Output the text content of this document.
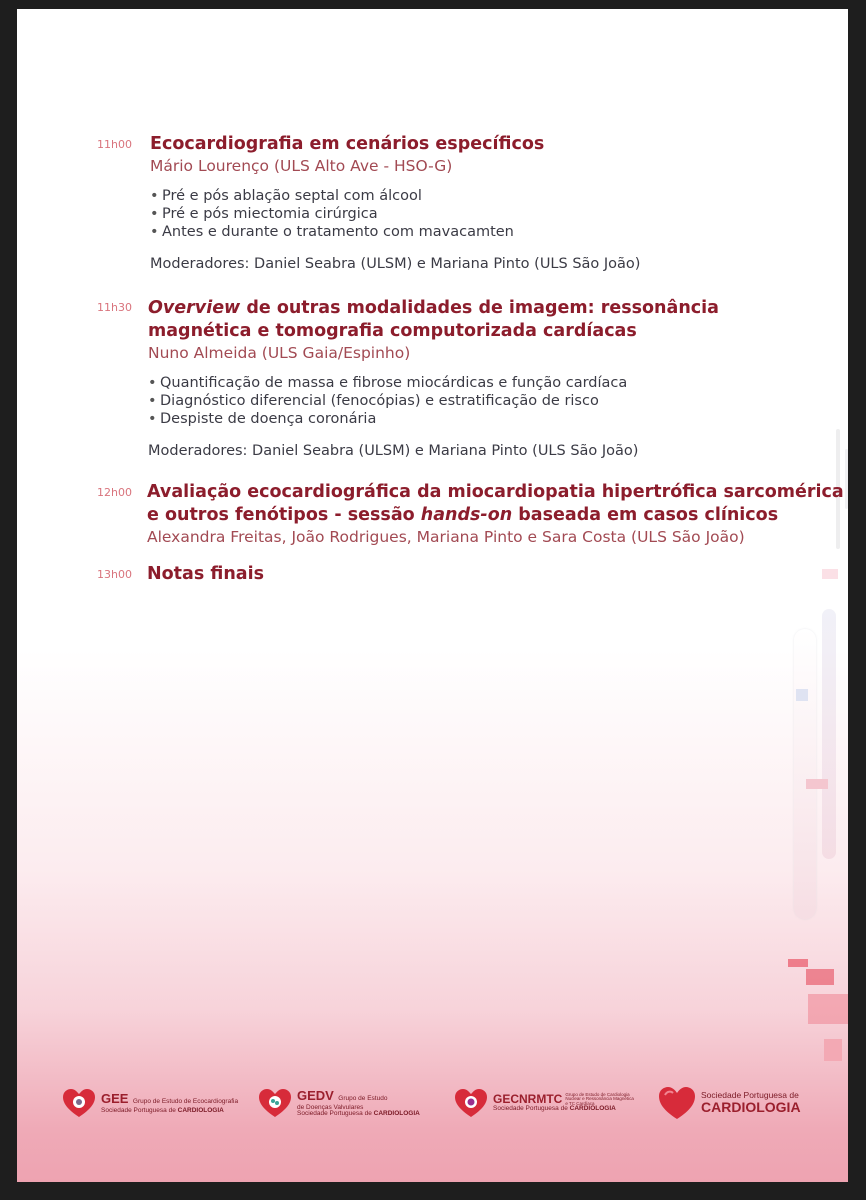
11h00 Ecocardiografia em cenários específicos
Mário Lourenço (ULS Alto Ave - HSO-G)
• Pré e pós ablação septal com álcool
• Pré e pós miectomia cirúrgica
• Antes e durante o tratamento com mavacamten
Moderadores: Daniel Seabra (ULSM) e Mariana Pinto (ULS São João)
11h30 Overview de outras modalidades de imagem: ressonância
magnética e tomografia computorizada cardíacas
Nuno Almeida (ULS Gaia/Espinho)
• Quantificação de massa e fibrose miocárdicas e função cardíaca
• Diagnóstico diferencial (fenocópias) e estratificação de risco
• Despiste de doença coronária
Moderadores: Daniel Seabra (ULSM) e Mariana Pinto (ULS São João)
12h00 Avaliação ecocardiográfica da miocardiopatia hipertrófica sarcomérica
e outros fenótipos - sessão hands-on baseada em casos clínicos
Alexandra Freitas, João Rodrigues, Mariana Pinto e Sara Costa (ULS São João)
13h00 Notas finais
GEE Grupo de Estudo de Ecocardiografia
Sociedade Portuguesa de CARDIOLOGIA
GEDV Grupo de Estudo
de Doenças Valvulares
Sociedade Portuguesa de CARDIOLOGIA
GECNRMTC Grupo de Estudo de Cardiologia
Nuclear e Ressonância Magnética
e TC Cardíaca
Sociedade Portuguesa de CARDIOLOGIA
Sociedade Portuguesa de
CARDIOLOGIA
